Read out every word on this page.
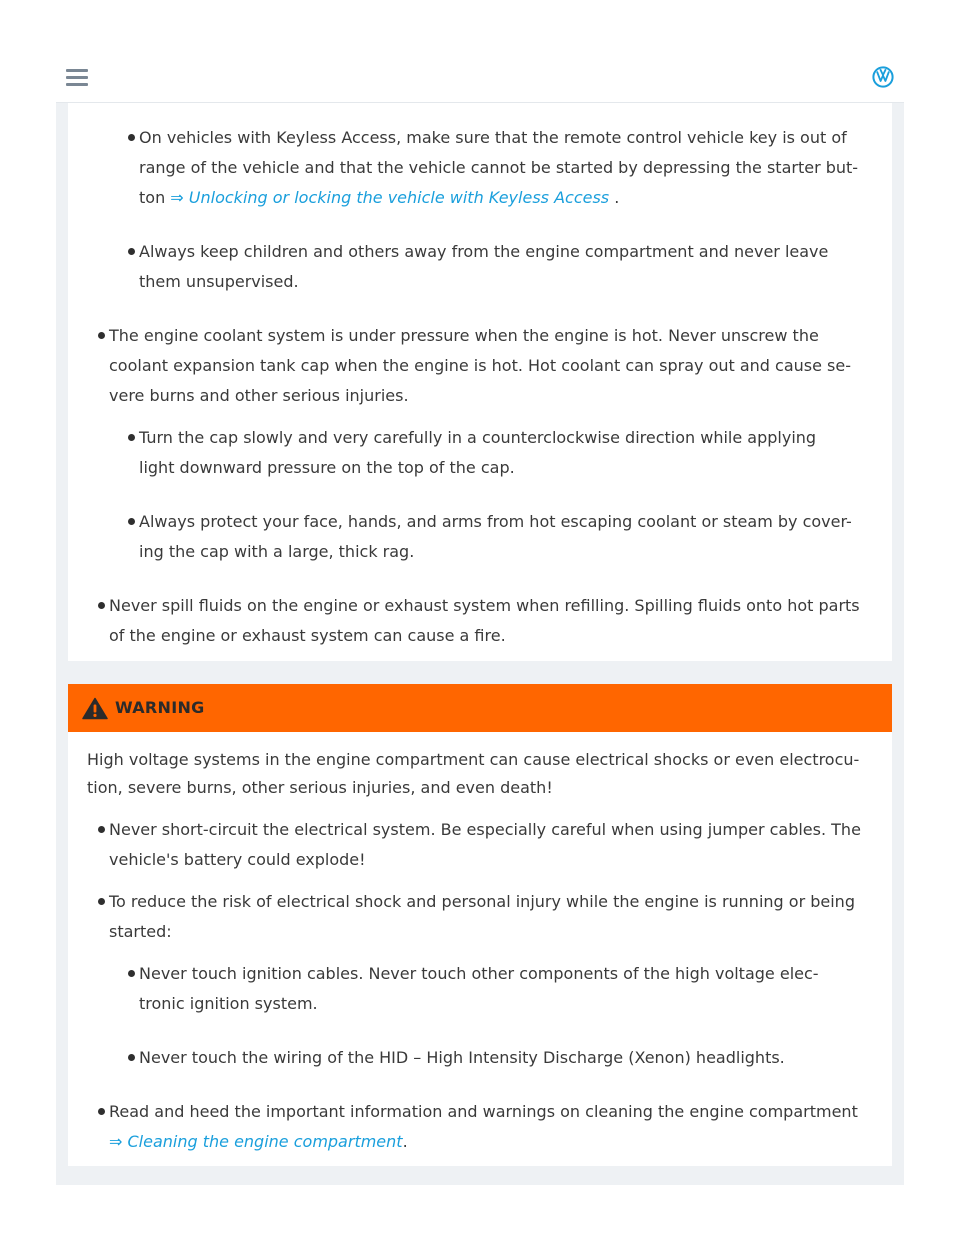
On vehicles with Keyless Access, make sure that the remote control vehicle key is out of
range of the vehicle and that the vehicle cannot be started by depressing the starter but-
ton ⇒ Unlocking or locking the vehicle with Keyless Access .
Always keep children and others away from the engine compartment and never leave
them unsupervised.
The engine coolant system is under pressure when the engine is hot. Never unscrew the
coolant expansion tank cap when the engine is hot. Hot coolant can spray out and cause se-
vere burns and other serious injuries.
Turn the cap slowly and very carefully in a counterclockwise direction while applying
light downward pressure on the top of the cap.
Always protect your face, hands, and arms from hot escaping coolant or steam by cover-
ing the cap with a large, thick rag.
Never spill fluids on the engine or exhaust system when refilling. Spilling fluids onto hot parts
of the engine or exhaust system can cause a fire.
WARNING
High voltage systems in the engine compartment can cause electrical shocks or even electrocu-
tion, severe burns, other serious injuries, and even death!
Never short-circuit the electrical system. Be especially careful when using jumper cables. The
vehicle's battery could explode!
To reduce the risk of electrical shock and personal injury while the engine is running or being
started:
Never touch ignition cables. Never touch other components of the high voltage elec-
tronic ignition system.
Never touch the wiring of the HID – High Intensity Discharge (Xenon) headlights.
Read and heed the important information and warnings on cleaning the engine compartment
⇒ Cleaning the engine compartment.
